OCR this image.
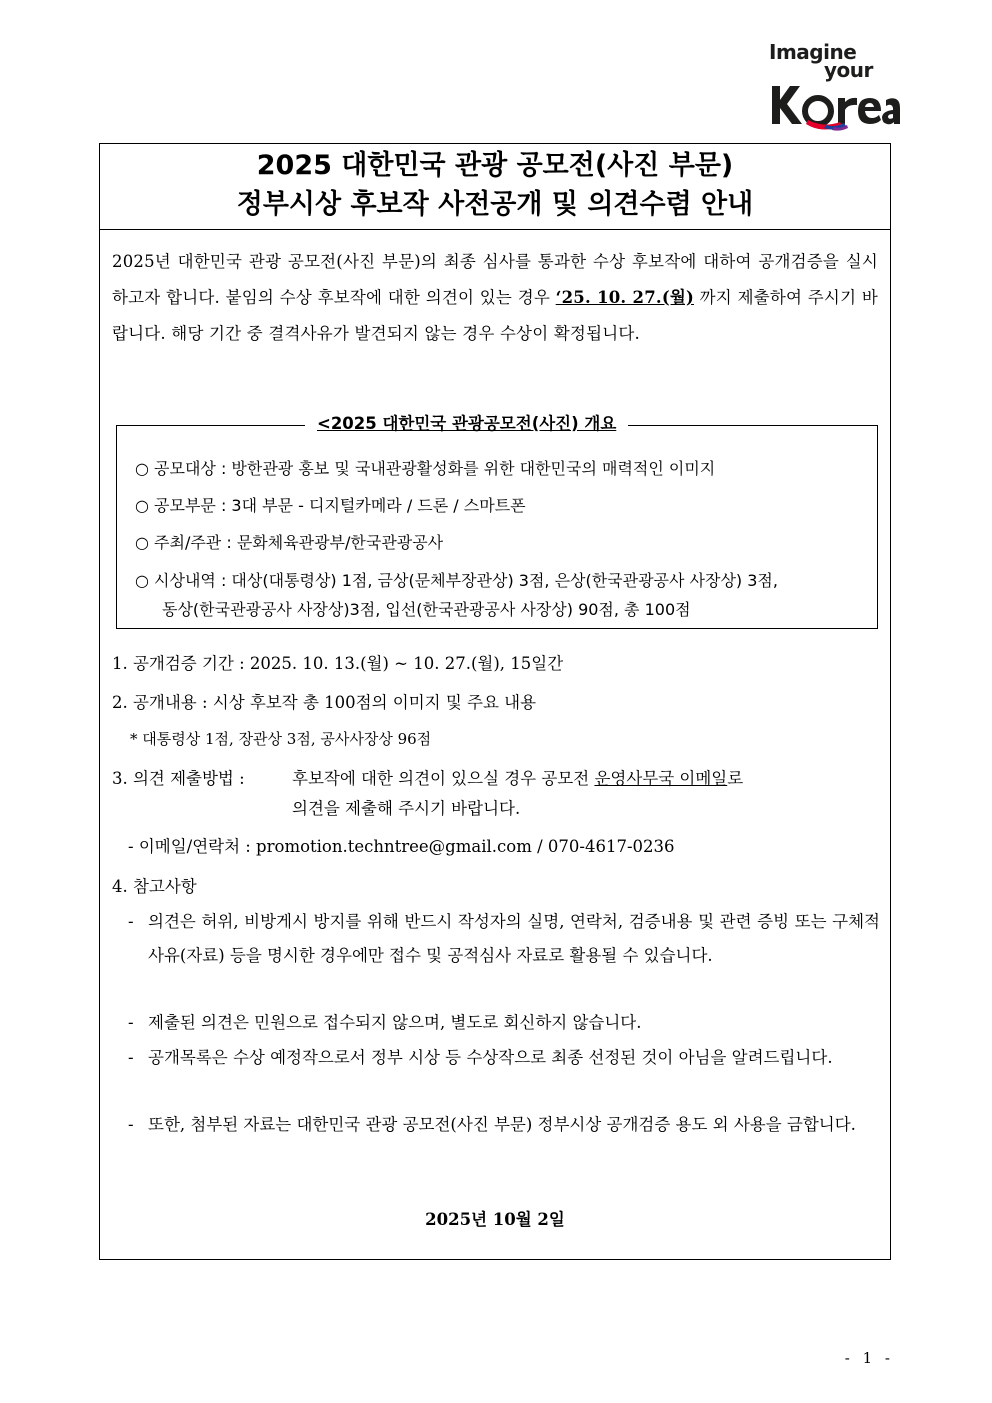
Imagine
your
2025 대한민국 관광 공모전(사진 부문)
정부시상 후보작 사전공개 및 의견수렴 안내
2025년 대한민국 관광 공모전(사진 부문)의 최종 심사를 통과한 수상 후보작에 대하여 공개검증을 실시하고자 합니다. 붙임의 수상 후보작에 대한 의견이 있는 경우 ‘25. 10. 27.(월) 까지 제출하여 주시기 바랍니다. 해당 기간 중 결격사유가 발견되지 않는 경우 수상이 확정됩니다.
<2025 대한민국 관광공모전(사진) 개요
○ 공모대상 : 방한관광 홍보 및 국내관광활성화를 위한 대한민국의 매력적인 이미지
○ 공모부문 : 3대 부문 - 디지털카메라 / 드론 / 스마트폰
○ 주최/주관 : 문화체육관광부/한국관광공사
○ 시상내역 : 대상(대통령상) 1점, 금상(문체부장관상) 3점, 은상(한국관광공사 사장상) 3점,
동상(한국관광공사 사장상)3점, 입선(한국관광공사 사장상) 90점, 총 100점
1. 공개검증 기간 : 2025. 10. 13.(월) ~ 10. 27.(월), 15일간
2. 공개내용 : 시상 후보작 총 100점의 이미지 및 주요 내용
* 대통령상 1점, 장관상 3점, 공사사장상 96점
3. 의견 제출방법 :	후보작에 대한 의견이 있으실 경우 공모전 운영사무국 이메일로
의견을 제출해 주시기 바랍니다.
- 이메일/연락처 : promotion.techntree@gmail.com / 070-4617-0236
4. 참고사항
- 의견은 허위, 비방게시 방지를 위해 반드시 작성자의 실명, 연락처, 검증내용 및 관련 증빙 또는 구체적 사유(자료) 등을 명시한 경우에만 접수 및 공적심사 자료로 활용될 수 있습니다.
- 제출된 의견은 민원으로 접수되지 않으며, 별도로 회신하지 않습니다.
- 공개목록은 수상 예정작으로서 정부 시상 등 수상작으로 최종 선정된 것이 아님을 알려드립니다.
- 또한, 첨부된 자료는 대한민국 관광 공모전(사진 부문) 정부시상 공개검증 용도 외 사용을 금합니다.
2025년 10월 2일
- 1 -
